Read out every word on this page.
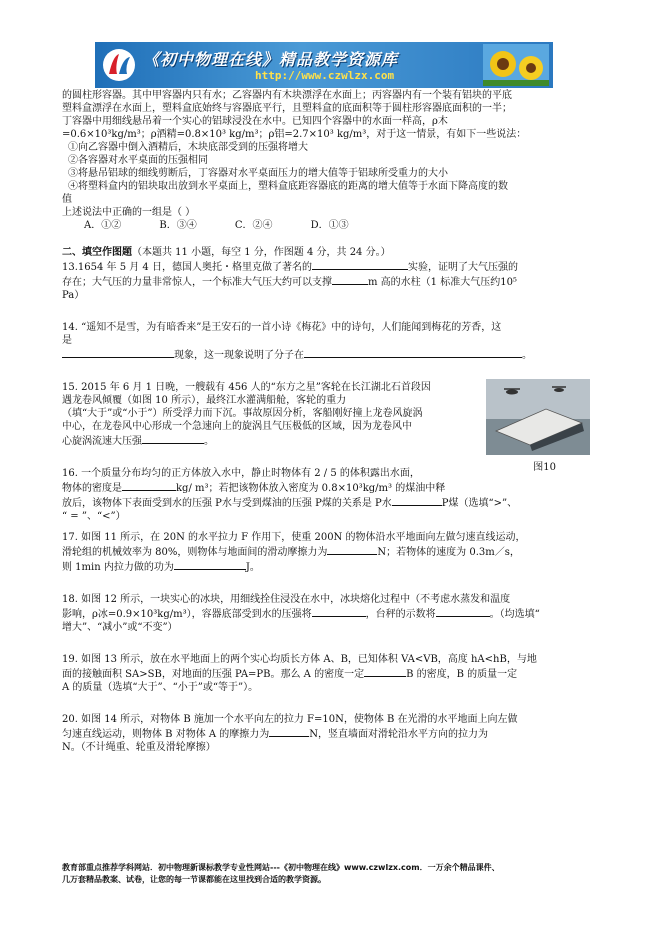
《初中物理在线》精品教学资源库
http://www.czwlzx.com

的圆柱形容器。其中甲容器内只有水；乙容器内有木块漂浮在水面上；丙容器内有一个装有铝块的平底

塑料盒漂浮在水面上，塑料盒底始终与容器底平行，且塑料盒的底面积等于圆柱形容器底面积的一半；

丁容器中用细线悬吊着一个实心的铝球浸没在水中。已知四个容器中的水面一样高，ρ木

=0.6×10³kg/m³；ρ酒精=0.8×10³ kg/m³；ρ铝=2.7×10³ kg/m³，对于这一情景，有如下一些说法：

①向乙容器中倒入酒精后，木块底部受到的压强将增大

②各容器对水平桌面的压强相同

③将悬吊铝球的细线剪断后，丁容器对水平桌面压力的增大值等于铝球所受重力的大小

④将塑料盒内的铝块取出放到水平桌面上，塑料盒底距容器底的距离的增大值等于水面下降高度的数

值

上述说法中正确的一组是（ ）

A．①②            B．③④            C．②④            D．①③

二、填空作图题（本题共 11 小题，每空 1 分，作图题 4 分，共 24 分。）

13.1654 年 5 月 4 日，德国人奥托・格里克做了著名的	实验，证明了大气压强的

存在；大气压的力量非常惊人，一个标准大气压大约可以支撑	m 高的水柱（1 标准大气压约10⁵

Pa）

14. “遥知不是雪，为有暗香来”是王安石的一首小诗《梅花》中的诗句，人们能闻到梅花的芳香，这

是

现象，这一现象说明了分子在	。

15. 2015 年 6 月 1 日晚，一艘载有 456 人的“东方之星”客轮在长江湖北石首段因

遇龙卷风倾覆（如图 10 所示），最终江水灌满船舱，客轮的重力

（填“大于”或“小于”）所受浮力而下沉。事故原因分析，客船刚好撞上龙卷风旋涡

中心，在龙卷风中心形成一个急速向上的旋涡且气压极低的区域，因为龙卷风中

心旋涡流速大压强	。

图10

16. 一个质量分布均匀的正方体放入水中，静止时物体有 2 / 5 的体积露出水面，

物体的密度是	kg/ m³；若把该物体放入密度为 0.8×10³kg/m³ 的煤油中释

放后，该物体下表面受到水的压强 P水与受到煤油的压强 P煤的关系是 P水	P煤（选填“>”、

“ = ”、“<”）

17. 如图 11 所示，在 20N 的水平拉力 F 作用下，使重 200N 的物体沿水平地面向左做匀速直线运动，

滑轮组的机械效率为 80%，则物体与地面间的滑动摩擦力为	N；若物体的速度为 0.3m／s，

则 1min 内拉力做的功为	J。

18. 如图 12 所示，一块实心的冰块，用细线拴住浸没在水中，冰块熔化过程中（不考虑水蒸发和温度

影响，ρ冰=0.9×10³kg/m³），容器底部受到水的压强将	，台秤的示数将	。（均选填“

增大”、“减小”或“不变”）

19. 如图 13 所示，放在水平地面上的两个实心均质长方体 A、B，已知体积 VA<VB，高度 hA<hB，与地

面的接触面积 SA>SB，对地面的压强 PA=PB。那么 A 的密度一定	B 的密度，B 的质量一定

A 的质量（选填“大于”、“小于”或“等于”）。

20. 如图 14 所示，对物体 B 施加一个水平向左的拉力 F=10N，使物体 B 在光滑的水平地面上向左做

匀速直线运动，则物体 B 对物体 A 的摩擦力为	N，竖直墙面对滑轮沿水平方向的拉力为

N。（不计绳重、轮重及滑轮摩擦）

教育部重点推荐学科网站．初中物理新课标教学专业性网站---《初中物理在线》www.czwlzx.com．一万余个精品课件、
几万套精品教案、试卷，让您的每一节课都能在这里找到合适的教学资源。
